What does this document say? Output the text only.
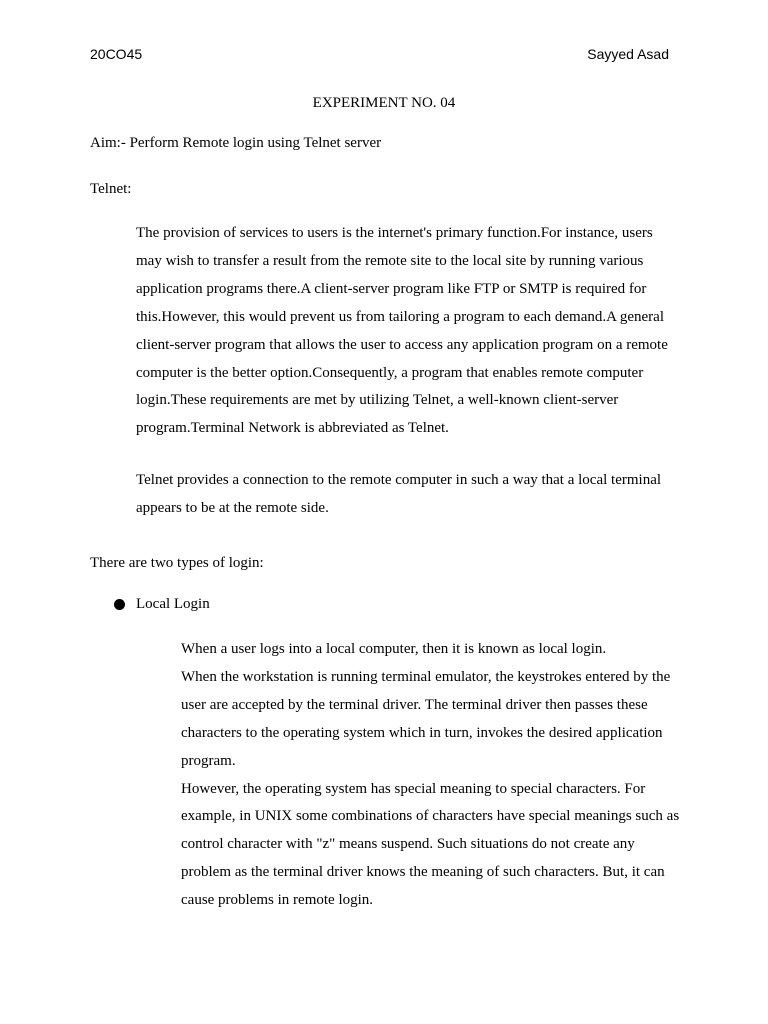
20CO45	Sayyed Asad
EXPERIMENT NO. 04
Aim:- Perform Remote login using Telnet server
Telnet:

The provision of services to users is the internet's primary function.For instance, users may wish to transfer a result from the remote site to the local site by running various application programs there.A client-server program like FTP or SMTP is required for this.However, this would prevent us from tailoring a program to each demand.A general client-server program that allows the user to access any application program on a remote computer is the better option.Consequently, a program that enables remote computer login.These requirements are met by utilizing Telnet, a well-known client-server program.Terminal Network is abbreviated as Telnet.

Telnet provides a connection to the remote computer in such a way that a local terminal appears to be at the remote side.

There are two types of login:
Local Login

When a user logs into a local computer, then it is known as local login.

When the workstation is running terminal emulator, the keystrokes entered by the user are accepted by the terminal driver. The terminal driver then passes these characters to the operating system which in turn, invokes the desired application program.

However, the operating system has special meaning to special characters. For example, in UNIX some combinations of characters have special meanings such as control character with "z" means suspend. Such situations do not create any problem as the terminal driver knows the meaning of such characters. But, it can cause problems in remote login.
